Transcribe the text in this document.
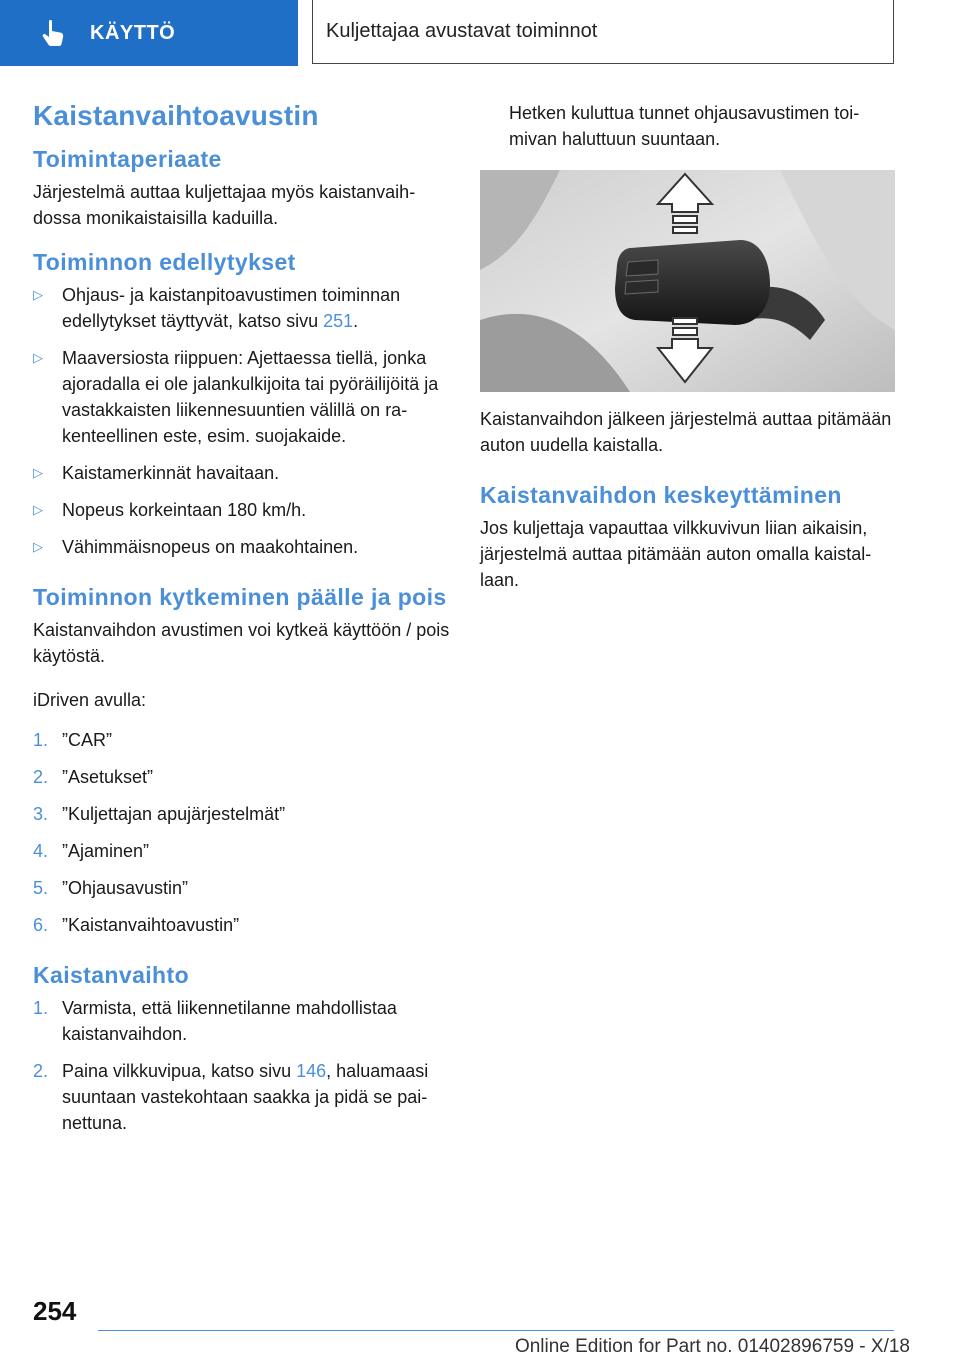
KÄYTTÖ	Kuljettajaa avustavat toiminnot
Kaistanvaihtoavustin
Toimintaperiaate

Järjestelmä auttaa kuljettajaa myös kaistanvaihdossa monikaistaisilla kaduilla.

Toiminnon edellytykset
▷ Ohjaus- ja kaistanpitoavustimen toiminnan edellytykset täyttyvät, katso sivu 251.
▷ Maaversiosta riippuen: Ajettaessa tiellä, jonka ajoradalla ei ole jalankulkijoita tai pyöräilijöitä ja vastakkaisten liikennesuuntien välillä on rakenteellinen este, esim. suojakaide.
▷ Kaistamerkinnät havaitaan.
▷ Nopeus korkeintaan 180 km/h.
▷ Vähimmäisnopeus on maakohtainen.
Toiminnon kytkeminen päälle ja pois

Kaistanvaihdon avustimen voi kytkeä käyttöön / pois käytöstä.

iDriven avulla:

1. ”CAR”
2. ”Asetukset”
3. ”Kuljettajan apujärjestelmät”
4. ”Ajaminen”
5. ”Ohjausavustin”
6. ”Kaistanvaihtoavustin”
Kaistanvaihto
1. Varmista, että liikennetilanne mahdollistaa kaistanvaihdon.
2. Paina vilkkuvipua, katso sivu 146, haluamaasi suuntaan vastekohtaan saakka ja pidä se painettuna.

Hetken kuluttua tunnet ohjausavustimen toimivan haluttuun suuntaan.

Kaistanvaihdon jälkeen järjestelmä auttaa pitämään auton uudella kaistalla.

Kaistanvaihdon keskeyttäminen

Jos kuljettaja vapauttaa vilkkuvivun liian aikaisin, järjestelmä auttaa pitämään auton omalla kaistallaan.

254
Online Edition for Part no. 01402896759 - X/18
